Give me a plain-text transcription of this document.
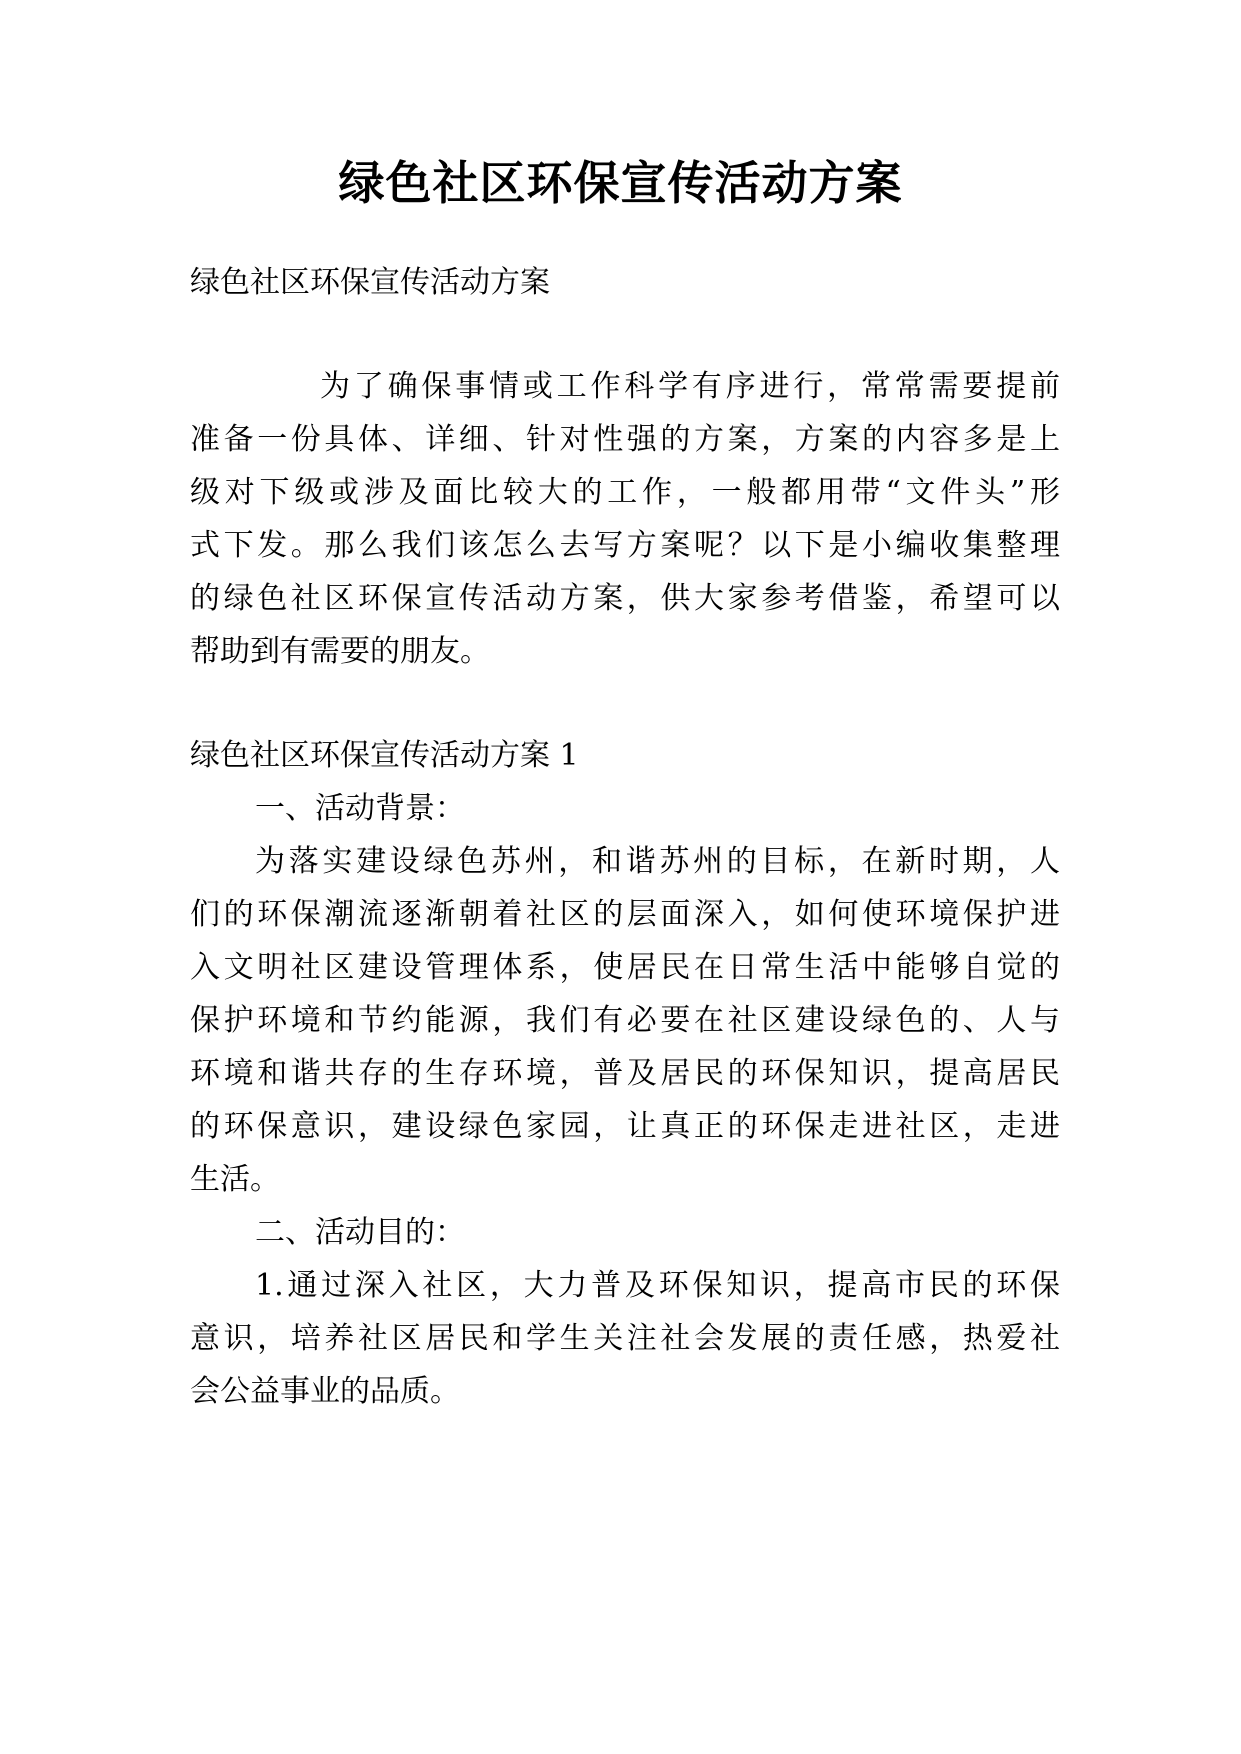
绿色社区环保宣传活动方案
绿色社区环保宣传活动方案
为了确保事情或工作科学有序进行，常常需要提前
准备一份具体、详细、针对性强的方案，方案的内容多是上
级对下级或涉及面比较大的工作，一般都用带“文件头”形
式下发。那么我们该怎么去写方案呢？以下是小编收集整理
的绿色社区环保宣传活动方案，供大家参考借鉴，希望可以
帮助到有需要的朋友。
绿色社区环保宣传活动方案 1
一、活动背景：
为落实建设绿色苏州，和谐苏州的目标，在新时期，人
们的环保潮流逐渐朝着社区的层面深入，如何使环境保护进
入文明社区建设管理体系，使居民在日常生活中能够自觉的
保护环境和节约能源，我们有必要在社区建设绿色的、人与
环境和谐共存的生存环境，普及居民的环保知识，提高居民
的环保意识，建设绿色家园，让真正的环保走进社区，走进
生活。
二、活动目的：
1.通过深入社区，大力普及环保知识，提高市民的环保
意识，培养社区居民和学生关注社会发展的责任感，热爱社
会公益事业的品质。
